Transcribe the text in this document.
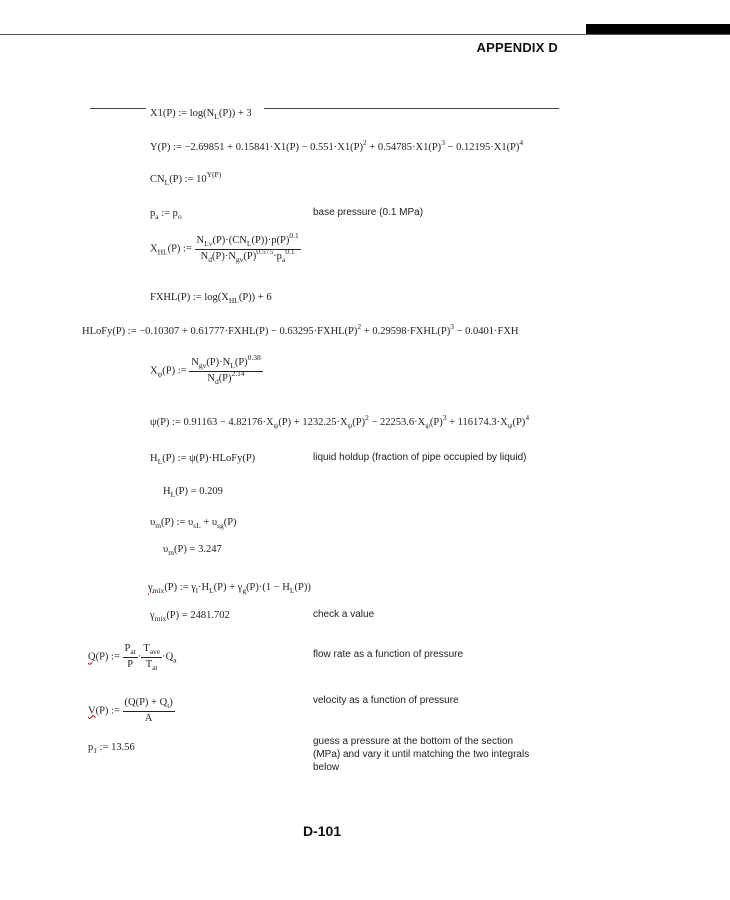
APPENDIX D
X1(P) := $\log(N_L(P)) + 3$
Y(P) := $-2.69851 + 0.15841\cdot X1(P) - 0.551\cdot X1(P)^2 + 0.54785\cdot X1(P)^3 - 0.12195\cdot X1(P)^4$
$CN_L(P)$ := $10^{Y(P)}$
$p_a$ := $p_o$	base pressure (0.1 MPa)
$X_{HL}(P)$ := $\frac{N_{Lv}(P)\cdot(CN_L(P))\cdot p(P)^{0.1}}{N_d(P)\cdot N_{gv}(P)^{0.575}\cdot p_a^{0.1}}$
FXHL(P) := $\log(X_{HL}(P)) + 6$
HLoFy(P) := −0.10307 + 0.61777·FXHL(P) − $0.63295\cdot FXHL(P)^2$ + $0.29598\cdot FXHL(P)^3 - 0.0401\cdot FXH$
$X_\psi(P)$ := $\frac{N_{gv}(P)\cdot N_L(P)^{0.38}}{N_d(P)^{2.14}}$
ψ(P) := $0.91163 - 4.82176\cdot X_\psi(P) + 1232.25\cdot X_\psi(P)^2 - 22253.6\cdot X_\psi(P)^3 + 116174.3\cdot X_\psi(P)^4$
$H_L(P)$ := ψ(P)·HLoFy(P)	liquid holdup (fraction of pipe occupied by liquid)
$H_L(P) = 0.209$
$\upsilon_m(P)$ := $\upsilon_{sL} + \upsilon_{sg}(P)$
$\upsilon_m(P) = 3.247$
$\gamma_{mix}(P)$ := $\gamma_l\cdot H_L(P) + \gamma_g(P)\cdot(1 - H_L(P))$
$\gamma_{mix}(P) = 2481.702$	check a value
Q(P) := $\frac{P_{at}}{P} \cdot \frac{T_{ave}}{T_{at}} \cdot Q_a$	flow rate as a function of pressure
V(P) := $\frac{(Q(P) + Q_t)}{A}$	velocity as a function of pressure
$p_1$ := 13.56
guess a pressure at the bottom of the section
(MPa) and vary it until matching the two integrals
below
D-101
